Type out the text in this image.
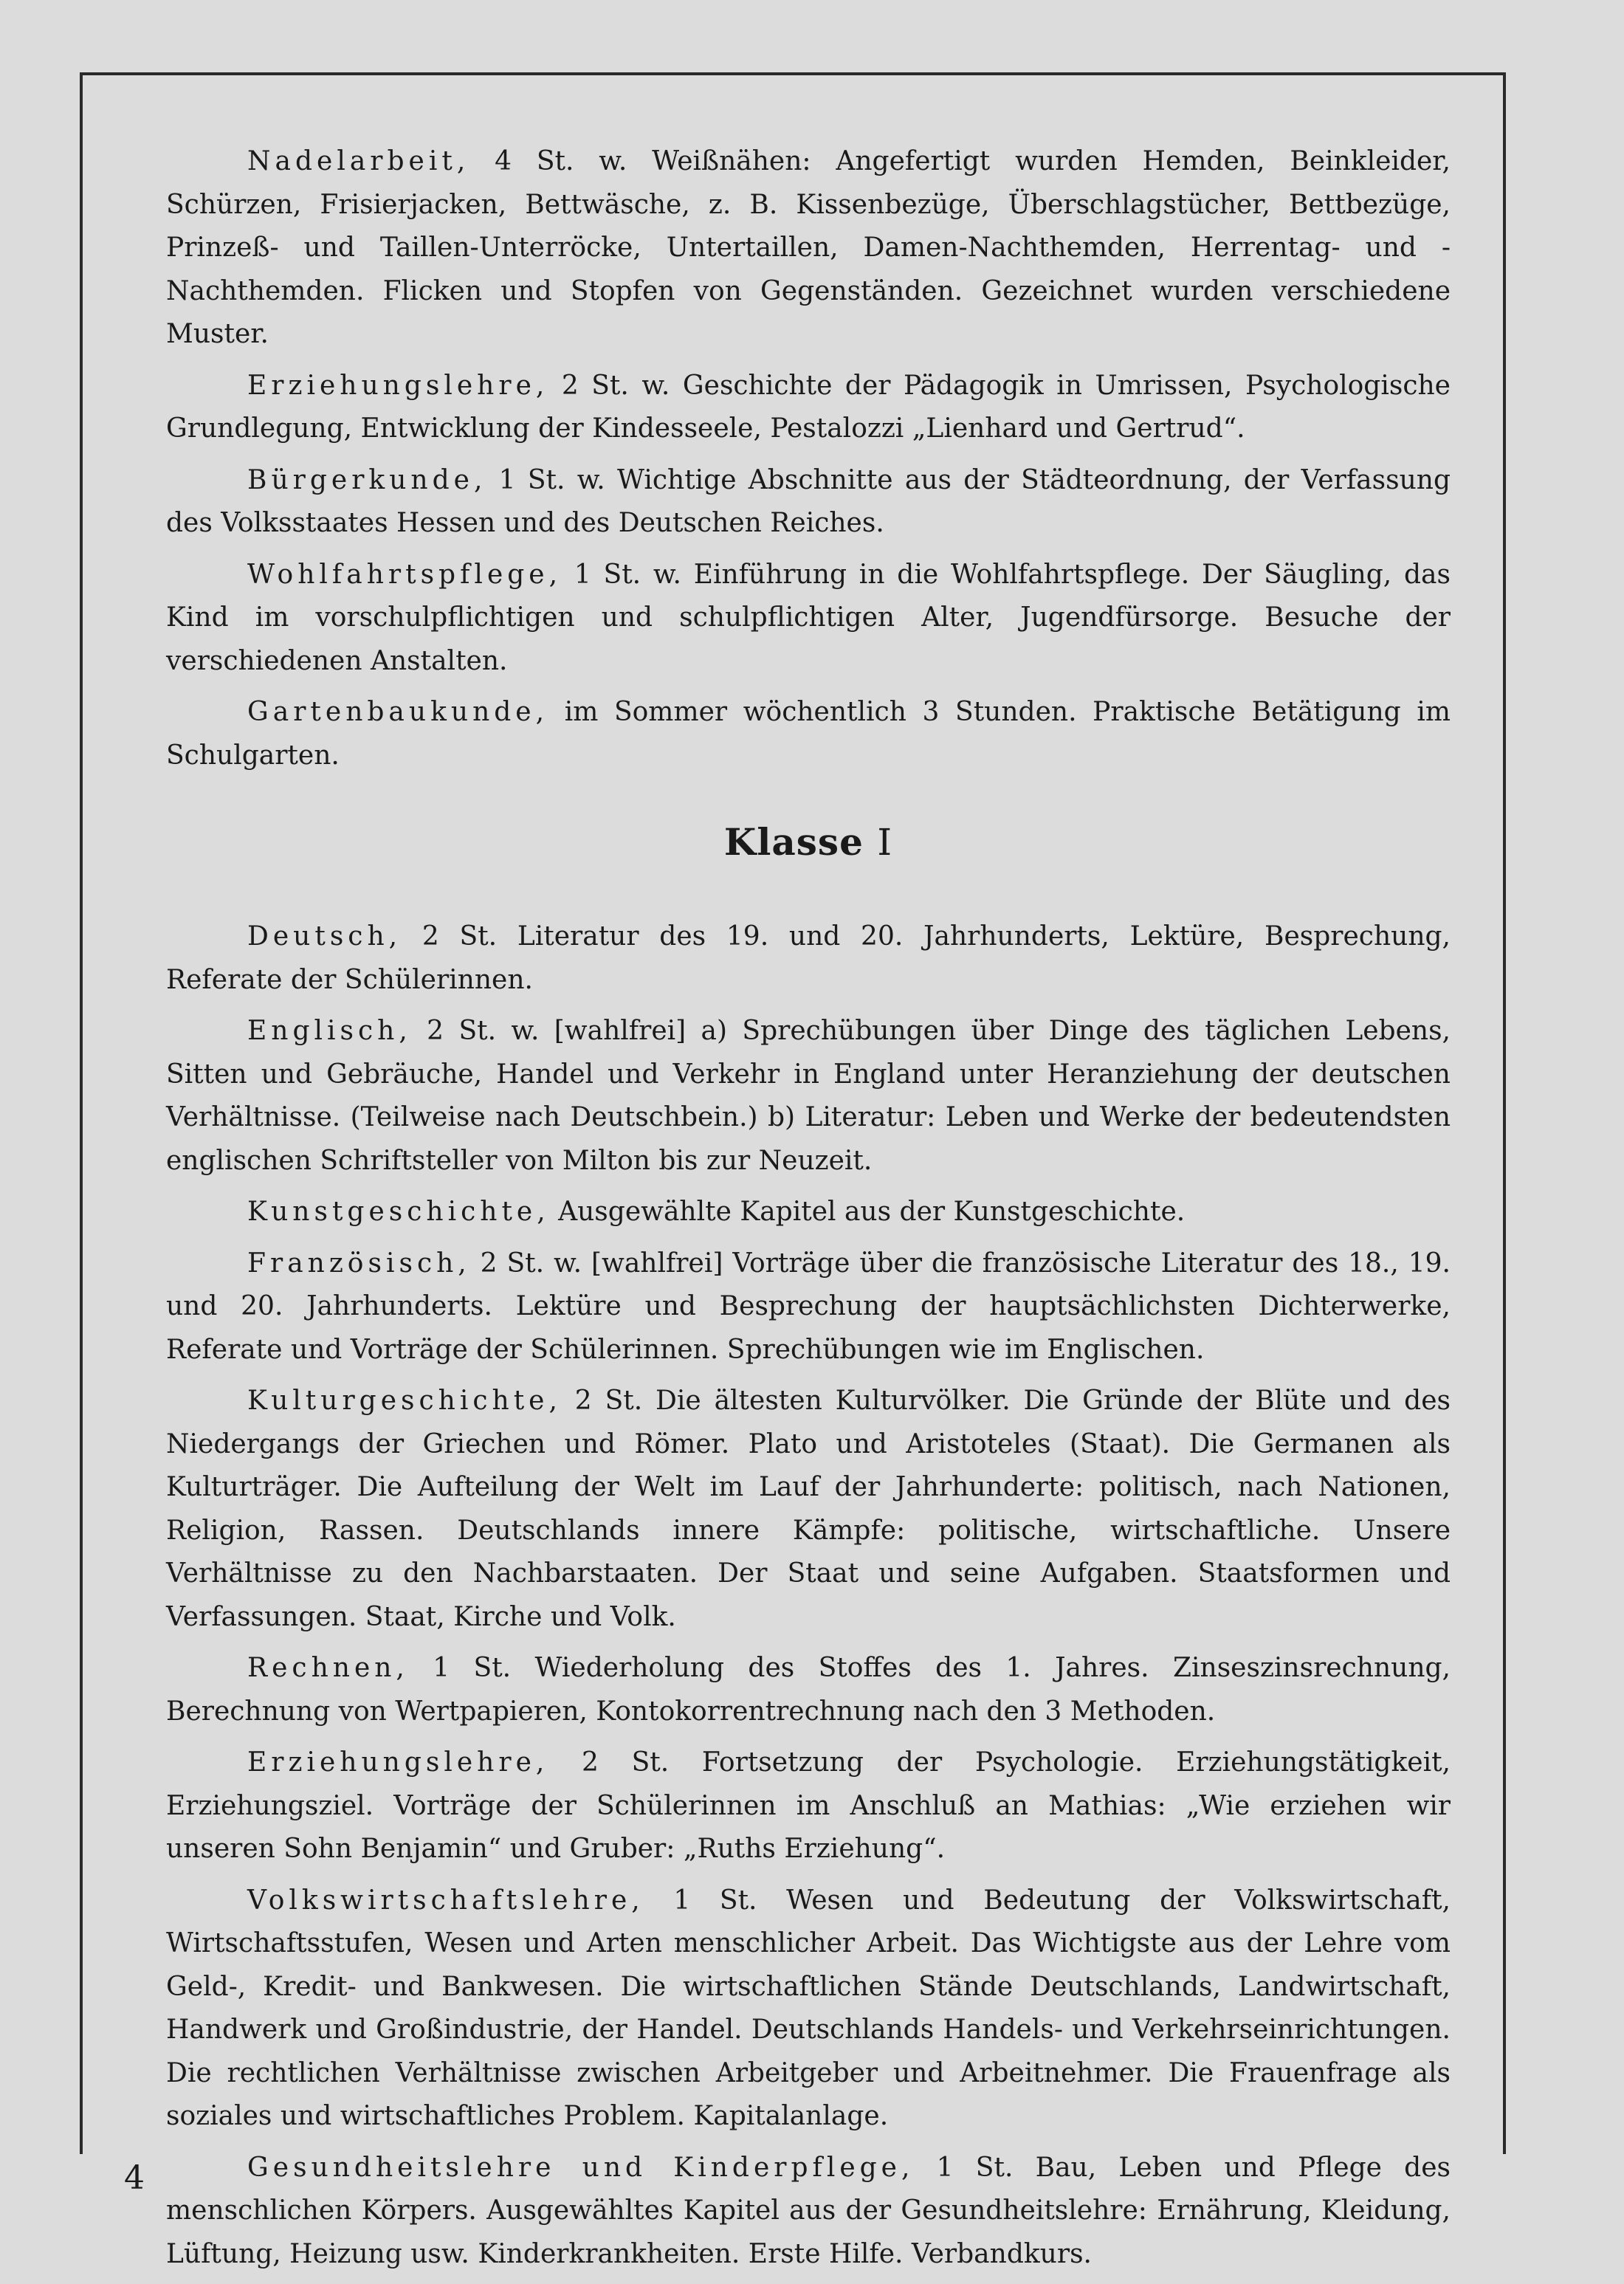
Nadelarbeit, 4 St. w. Weißnähen: Angefertigt wurden Hemden, Beinkleider, Schürzen, Frisierjacken, Bettwäsche, z. B. Kissenbezüge, Überschlagstücher, Bettbezüge, Prinzeß- und Taillen-Unterröcke, Untertaillen, Damen-Nachthemden, Herrentag- und -Nachthemden. Flicken und Stopfen von Gegenständen. Gezeichnet wurden verschiedene Muster.

Erziehungslehre, 2 St. w. Geschichte der Pädagogik in Umrissen, Psychologische Grundlegung, Entwicklung der Kindesseele, Pestalozzi „Lienhard und Gertrud“.

Bürgerkunde, 1 St. w. Wichtige Abschnitte aus der Städteordnung, der Verfassung des Volksstaates Hessen und des Deutschen Reiches.

Wohlfahrtspflege, 1 St. w. Einführung in die Wohlfahrtspflege. Der Säugling, das Kind im vorschulpflichtigen und schulpflichtigen Alter, Jugendfürsorge. Besuche der verschiedenen Anstalten.

Gartenbaukunde, im Sommer wöchentlich 3 Stunden. Praktische Betätigung im Schulgarten.

Klasse I

Deutsch, 2 St. Literatur des 19. und 20. Jahrhunderts, Lektüre, Besprechung, Referate der Schülerinnen.

Englisch, 2 St. w. [wahlfrei] a) Sprechübungen über Dinge des täglichen Lebens, Sitten und Gebräuche, Handel und Verkehr in England unter Heranziehung der deutschen Verhältnisse. (Teilweise nach Deutschbein.) b) Literatur: Leben und Werke der bedeutendsten englischen Schriftsteller von Milton bis zur Neuzeit.

Kunstgeschichte, Ausgewählte Kapitel aus der Kunstgeschichte.

Französisch, 2 St. w. [wahlfrei] Vorträge über die französische Literatur des 18., 19. und 20. Jahrhunderts. Lektüre und Besprechung der hauptsächlichsten Dichterwerke, Referate und Vorträge der Schülerinnen. Sprechübungen wie im Englischen.

Kulturgeschichte, 2 St. Die ältesten Kulturvölker. Die Gründe der Blüte und des Niedergangs der Griechen und Römer. Plato und Aristoteles (Staat). Die Germanen als Kulturträger. Die Aufteilung der Welt im Lauf der Jahrhunderte: politisch, nach Nationen, Religion, Rassen. Deutschlands innere Kämpfe: politische, wirtschaftliche. Unsere Verhältnisse zu den Nachbarstaaten. Der Staat und seine Aufgaben. Staatsformen und Verfassungen. Staat, Kirche und Volk.

Rechnen, 1 St. Wiederholung des Stoffes des 1. Jahres. Zinseszinsrechnung, Berechnung von Wertpapieren, Kontokorrentrechnung nach den 3 Methoden.

Erziehungslehre, 2 St. Fortsetzung der Psychologie. Erziehungstätigkeit, Erziehungsziel. Vorträge der Schülerinnen im Anschluß an Mathias: „Wie erziehen wir unseren Sohn Benjamin“ und Gruber: „Ruths Erziehung“.

Volkswirtschaftslehre, 1 St. Wesen und Bedeutung der Volkswirtschaft, Wirtschaftsstufen, Wesen und Arten menschlicher Arbeit. Das Wichtigste aus der Lehre vom Geld-, Kredit- und Bankwesen. Die wirtschaftlichen Stände Deutschlands, Landwirtschaft, Handwerk und Großindustrie, der Handel. Deutschlands Handels- und Verkehrseinrichtungen. Die rechtlichen Verhältnisse zwischen Arbeitgeber und Arbeitnehmer. Die Frauenfrage als soziales und wirtschaftliches Problem. Kapitalanlage.

Gesundheitslehre und Kinderpflege, 1 St. Bau, Leben und Pflege des menschlichen Körpers. Ausgewähltes Kapitel aus der Gesundheitslehre: Ernährung, Kleidung, Lüftung, Heizung usw. Kinderkrankheiten. Erste Hilfe. Verbandkurs.

4
